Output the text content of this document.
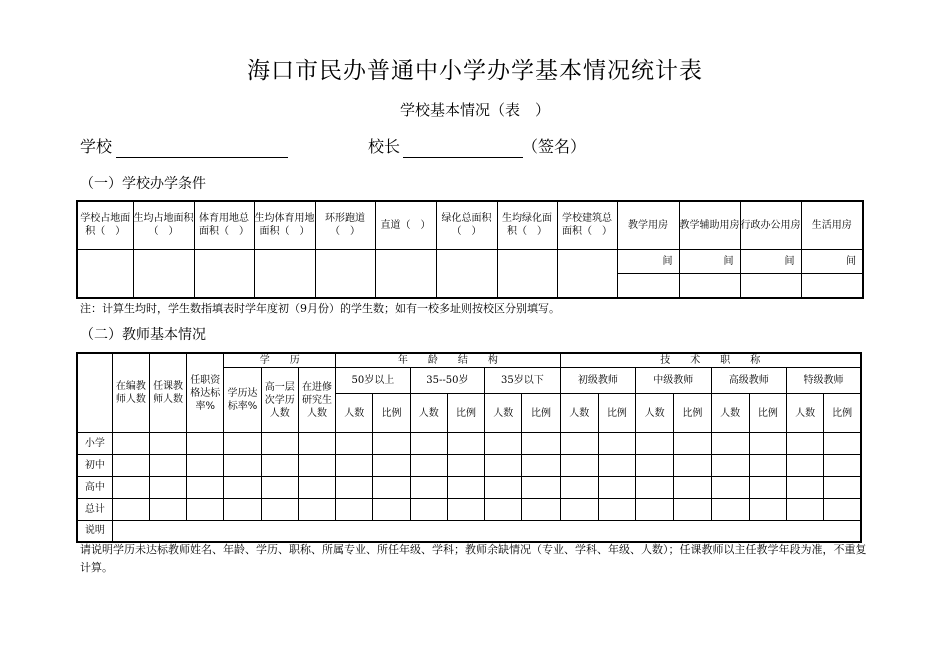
海口市民办普通中小学办学基本情况统计表
学校基本情况（表　）
学校	校长	（签名）
（一）学校办学条件
学校占地面积（　）	生均占地面积（　）	体育用地总面积（　）	生均体育用地面积（　）	环形跑道（　）	直道（　）	绿化总面积（　）	生均绿化面积（　）	学校建筑总面积（　）	教学用房	教学辅助用房	行政办公用房	生活用房
									间	间	间	间

注：计算生均时，学生数指填表时学年度初（9月份）的学生数；如有一校多址则按校区分别填写。
（二）教师基本情况
	在编教师人数	任课教师人数	任职资格达标率%	学　　历			年　　龄　　结　　构						技　　术　　职　　称							
				学历达标率%	高一层次学历人数	在进修研究生人数	50岁以上		35--50岁		35岁以下		初级教师		中级教师		高级教师		特级教师	
							人数	比例	人数	比例	人数	比例	人数	比例	人数	比例	人数	比例	人数	比例
小学																				
初中																				
高中																				
总计																				
说明																				
请说明学历未达标教师姓名、年龄、学历、职称、所属专业、所任年级、学科；教师余缺情况（专业、学科、年级、人数）；任课教师以主任教学年段为准，不重复计算。
